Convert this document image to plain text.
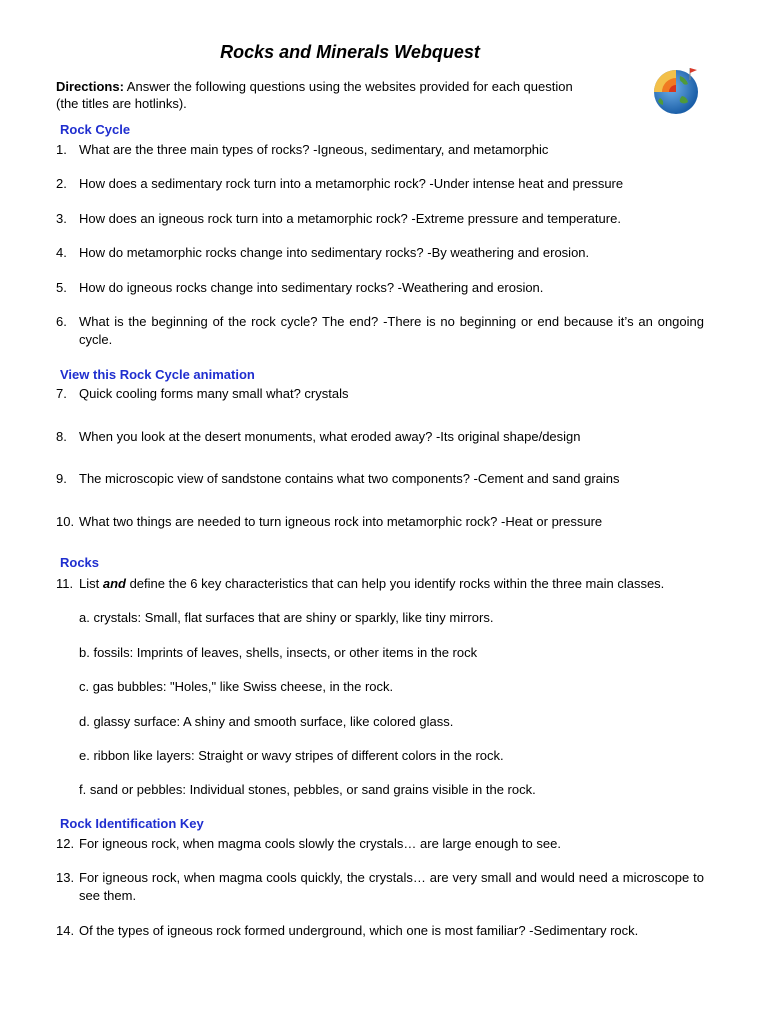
Rocks and Minerals Webquest
Directions: Answer the following questions using the websites provided for each question
(the titles are hotlinks).
Rock Cycle
1. What are the three main types of rocks? -Igneous, sedimentary, and metamorphic
2. How does a sedimentary rock turn into a metamorphic rock? -Under intense heat and pressure
3. How does an igneous rock turn into a metamorphic rock? -Extreme pressure and temperature.
4. How do metamorphic rocks change into sedimentary rocks? -By weathering and erosion.
5. How do igneous rocks change into sedimentary rocks? -Weathering and erosion.
6. What is the beginning of the rock cycle? The end? -There is no beginning or end because it’s an ongoing cycle.
View this Rock Cycle animation
7. Quick cooling forms many small what? crystals
8. When you look at the desert monuments, what eroded away? -Its original shape/design
9. The microscopic view of sandstone contains what two components? -Cement and sand grains
10. What two things are needed to turn igneous rock into metamorphic rock? -Heat or pressure
Rocks
11. List and define the 6 key characteristics that can help you identify rocks within the three main classes.
a. crystals: Small, flat surfaces that are shiny or sparkly, like tiny mirrors.
b. fossils: Imprints of leaves, shells, insects, or other items in the rock
c. gas bubbles: "Holes," like Swiss cheese, in the rock.
d. glassy surface: A shiny and smooth surface, like colored glass.
e. ribbon like layers: Straight or wavy stripes of different colors in the rock.
f. sand or pebbles: Individual stones, pebbles, or sand grains visible in the rock.
Rock Identification Key
12. For igneous rock, when magma cools slowly the crystals… are large enough to see.
13. For igneous rock, when magma cools quickly, the crystals… are very small and would need a microscope to see them.
14. Of the types of igneous rock formed underground, which one is most familiar? -Sedimentary rock.
